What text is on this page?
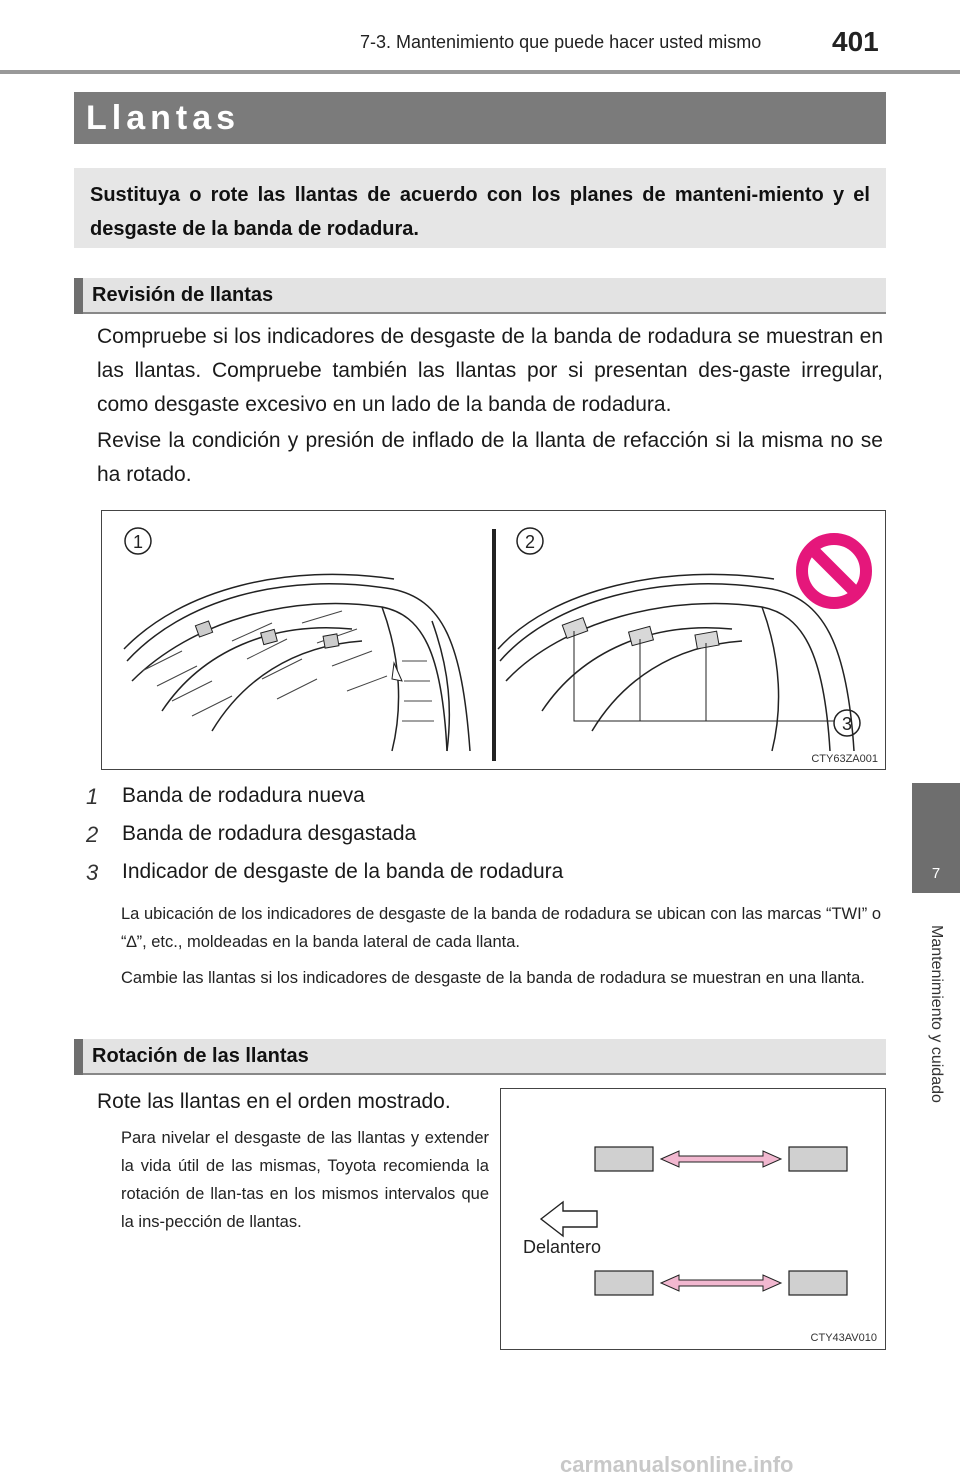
7-3. Mantenimiento que puede hacer usted mismo	401
7
Mantenimiento y cuidado
Llantas
Sustituya o rote las llantas de acuerdo con los planes de manteni-miento y el desgaste de la banda de rodadura.
Revisión de llantas
Compruebe si los indicadores de desgaste de la banda de rodadura se muestran en las llantas. Compruebe también las llantas por si presentan des-gaste irregular, como desgaste excesivo en un lado de la banda de rodadura.
Revise la condición y presión de inflado de la llanta de refacción si la misma no se ha rotado.
1	2
3
CTY63ZA001
1 Banda de rodadura nueva
2 Banda de rodadura desgastada
3 Indicador de desgaste de la banda de rodadura
La ubicación de los indicadores de desgaste de la banda de rodadura se ubican con las marcas “TWI” o “∆”, etc., moldeadas en la banda lateral de cada llanta.
Cambie las llantas si los indicadores de desgaste de la banda de rodadura se muestran en una llanta.
Rotación de las llantas
Rote las llantas en el orden mostrado.
Para nivelar el desgaste de las llantas y extender la vida útil de las mismas, Toyota recomienda la rotación de llan-tas en los mismos intervalos que la ins-pección de llantas.
Delantero
CTY43AV010
carmanualsonline.info
